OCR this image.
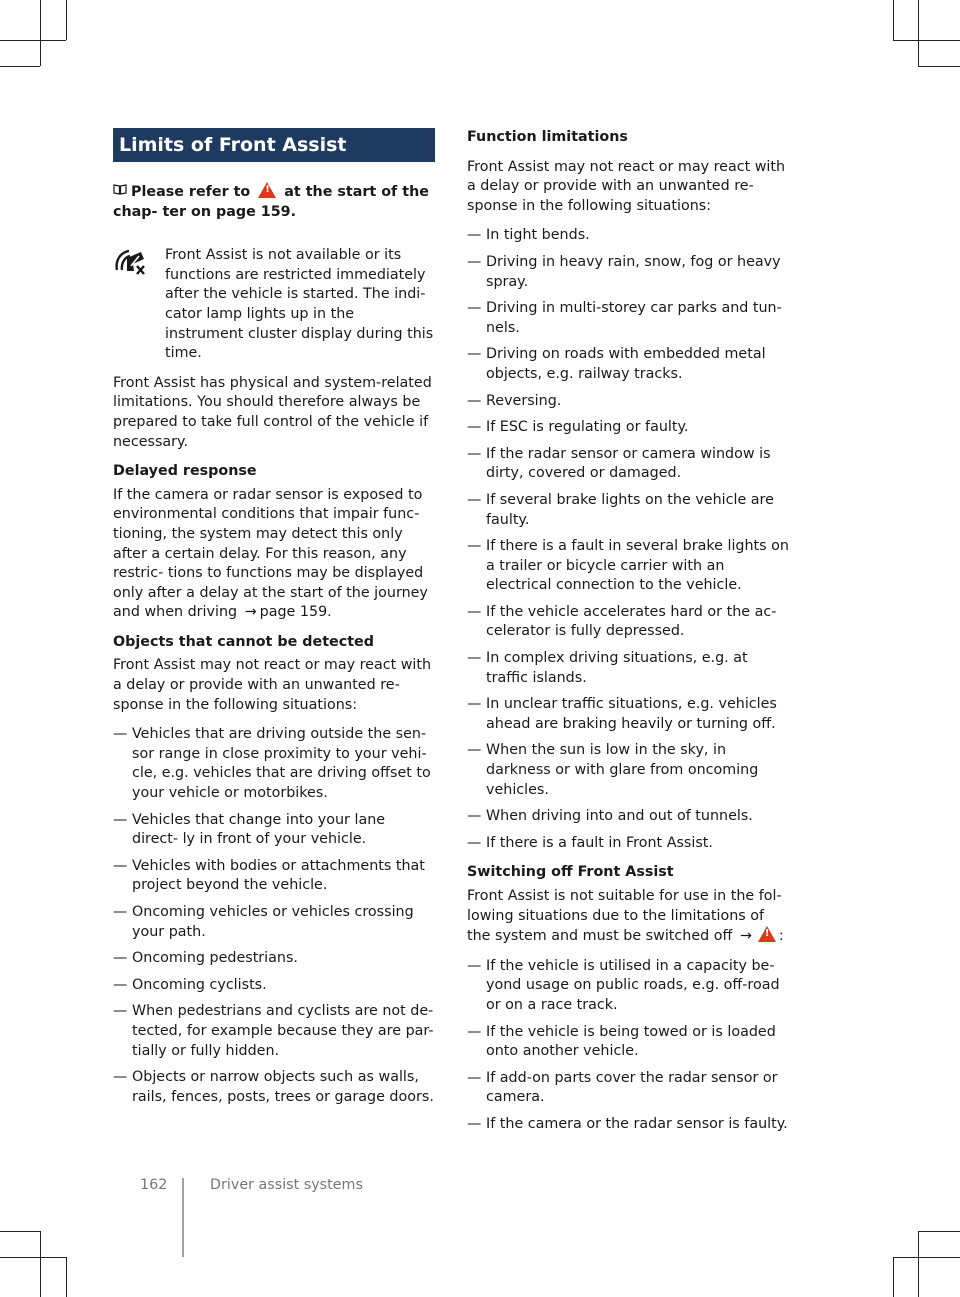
Limits of Front Assist
Please refer to ! at the start of the chap- ter on page 159.
Front Assist is not available or its functions are restricted immediately after the vehicle is started. The indi- cator lamp lights up in the instrument cluster display during this time.

Front Assist has physical and system-related limitations. You should therefore always be prepared to take full control of the vehicle if necessary.

Delayed response

If the camera or radar sensor is exposed to environmental conditions that impair func- tioning, the system may detect this only after a certain delay. For this reason, any restric- tions to functions may be displayed only after a delay at the start of the journey and when driving → page 159.

Objects that cannot be detected

Front Assist may not react or may react with a delay or provide with an unwanted re- sponse in the following situations:

— Vehicles that are driving outside the sen- sor range in close proximity to your vehi- cle, e.g. vehicles that are driving offset to your vehicle or motorbikes.
— Vehicles that change into your lane direct- ly in front of your vehicle.
— Vehicles with bodies or attachments that project beyond the vehicle.
— Oncoming vehicles or vehicles crossing your path.
— Oncoming pedestrians.
— Oncoming cyclists.
— When pedestrians and cyclists are not de- tected, for example because they are par- tially or fully hidden.
— Objects or narrow objects such as walls, rails, fences, posts, trees or garage doors.
Function limitations

Front Assist may not react or may react with a delay or provide with an unwanted re- sponse in the following situations:

— In tight bends.
— Driving in heavy rain, snow, fog or heavy spray.
— Driving in multi-storey car parks and tun- nels.
— Driving on roads with embedded metal objects, e.g. railway tracks.
— Reversing.
— If ESC is regulating or faulty.
— If the radar sensor or camera window is dirty, covered or damaged.
— If several brake lights on the vehicle are faulty.
— If there is a fault in several brake lights on a trailer or bicycle carrier with an electrical connection to the vehicle.
— If the vehicle accelerates hard or the ac- celerator is fully depressed.
— In complex driving situations, e.g. at traffic islands.
— In unclear traffic situations, e.g. vehicles ahead are braking heavily or turning off.
— When the sun is low in the sky, in darkness or with glare from oncoming vehicles.
— When driving into and out of tunnels.
— If there is a fault in Front Assist.
Switching off Front Assist

Front Assist is not suitable for use in the fol- lowing situations due to the limitations of the system and must be switched off →! :

— If the vehicle is utilised in a capacity be- yond usage on public roads, e.g. off-road or on a race track.
— If the vehicle is being towed or is loaded onto another vehicle.
— If add-on parts cover the radar sensor or camera.
— If the camera or the radar sensor is faulty.
162	Driver assist systems
